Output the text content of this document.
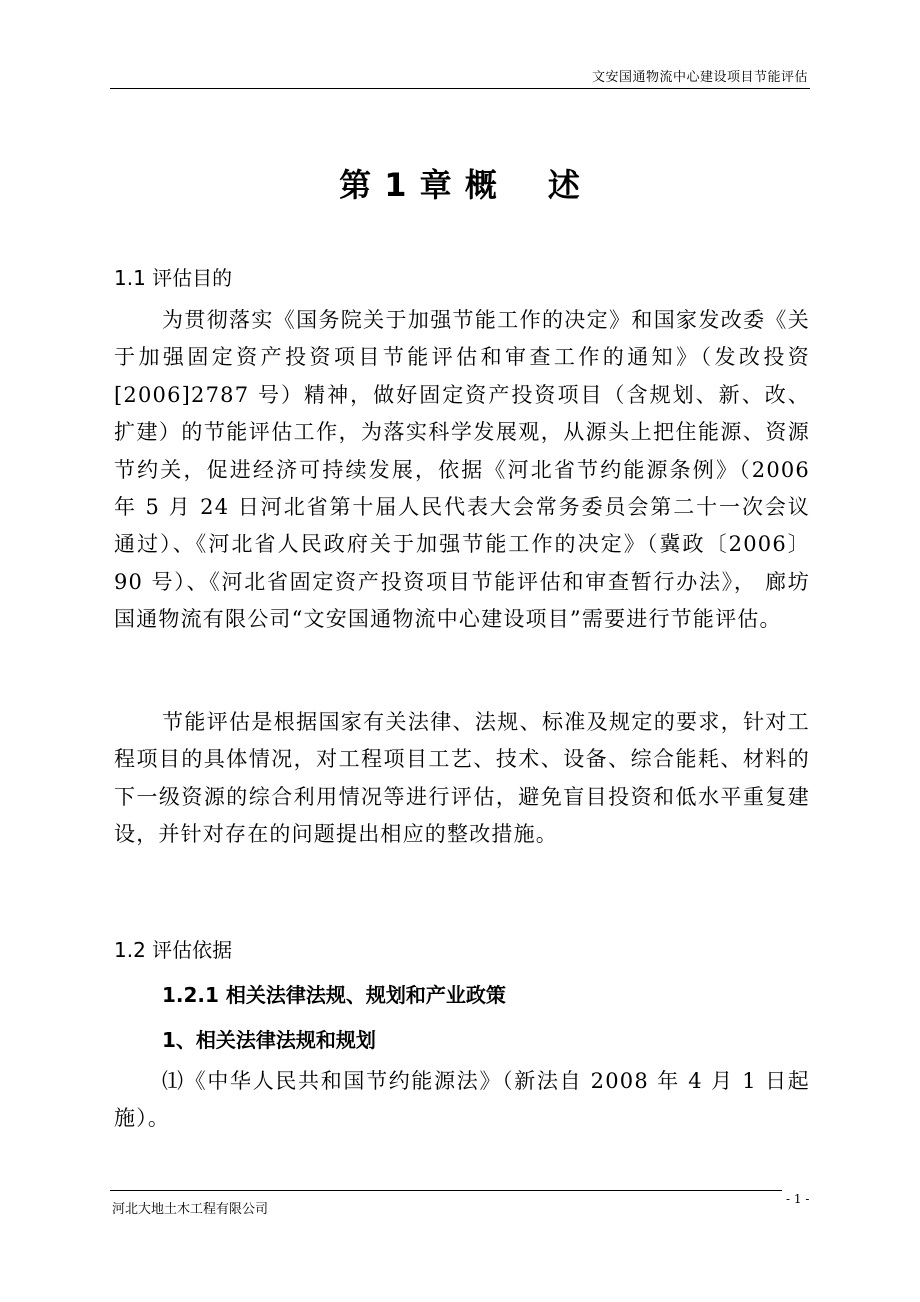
文安国通物流中心建设项目节能评估
第 1 章 概 述
1.1 评估目的

为贯彻落实《国务院关于加强节能工作的决定》和国家发改委《关于加强固定资产投资项目节能评估和审查工作的通知》（发改投资[2006]2787 号）精神，做好固定资产投资项目（含规划、新、改、扩建）的节能评估工作，为落实科学发展观，从源头上把住能源、资源节约关，促进经济可持续发展，依据《河北省节约能源条例》（2006 年 5 月 24 日河北省第十届人民代表大会常务委员会第二十一次会议通过）、《河北省人民政府关于加强节能工作的决定》（冀政〔2006〕90 号）、《河北省固定资产投资项目节能评估和审查暂行办法》， 廊坊国通物流有限公司“文安国通物流中心建设项目”需要进行节能评估。

节能评估是根据国家有关法律、法规、标准及规定的要求，针对工程项目的具体情况，对工程项目工艺、技术、设备、综合能耗、材料的下一级资源的综合利用情况等进行评估，避免盲目投资和低水平重复建设，并针对存在的问题提出相应的整改措施。

1.2 评估依据
1.2.1 相关法律法规、规划和产业政策
1、相关法律法规和规划

⑴《中华人民共和国节约能源法》（新法自 2008 年 4 月 1 日起施）。

河北大地土木工程有限公司
- 1 -
